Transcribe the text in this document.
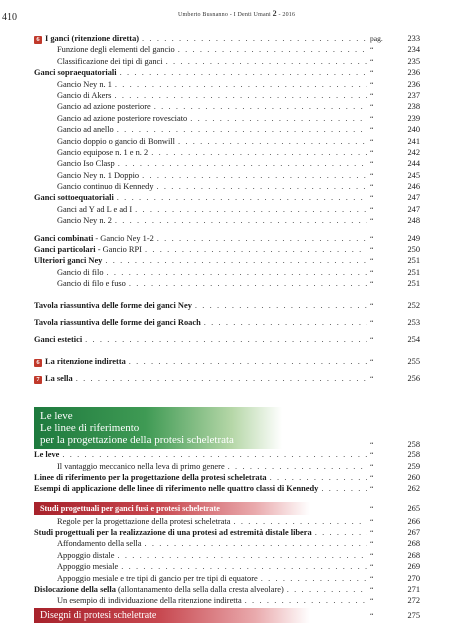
410	Umberto Busnanno - I Denti Umani 2 - 2016
6 I ganci (ritenzione diretta) . . .	pag.	233
Funzione degli elementi del gancio . . .	“	234
Classificazione dei tipi di ganci . . .	“	235
Ganci sopraequatoriali . . .	“	236
Gancio Ney n. 1 . . .	“	236
Gancio di Akers . . .	“	237
Gancio ad azione posteriore . . .	“	238
Gancio ad azione posteriore rovesciato . . .	“	239
Gancio ad anello . . .	“	240
Gancio doppio o gancio di Bonwill . . .	“	241
Gancio equipose n. 1 e n. 2 . . .	“	242
Gancio Iso Clasp . . .	“	244
Gancio Ney n. 1 Doppio . . .	“	245
Gancio continuo di Kennedy . . .	“	246
Ganci sottoequatoriali . . .	“	247
Ganci ad Y ad L e ad I . . .	“	247
Gancio Ney n. 2 . . .	“	248
Ganci combinati - Gancio Ney 1-2 . . .	“	249
Ganci particolari - Gancio RPI . . .	“	250
Ulteriori ganci Ney . . .	“	251
Gancio di filo . . .	“	251
Gancio di filo e fuso . . .	“	251
Tavola riassuntiva delle forme dei ganci Ney . . .	“	252
Tavola riassuntiva delle forme dei ganci Roach . . .	“	253
Ganci estetici . . .	“	254
6 La ritenzione indiretta . . .	“	255
7 La sella . . .	“	256
Le leve
Le linee di riferimento
per la progettazione della protesi scheletrata	“	258
Le leve . . .	“	258
Il vantaggio meccanico nella leva di primo genere . . .	“	259
Linee di riferimento per la progettazione della protesi scheletrata . . .	“	260
Esempi di applicazione delle linee di riferimento nelle quattro classi di Kennedy . . .	“	262
Studi progettuali per ganci fusi e protesi scheletrate	“	265
Regole per la progettazione della protesi scheletrata . . .	“	266
Studi progettuali per la realizzazione di una protesi ad estremità distale libera . . .	“	267
Affondamento della sella . . .	“	268
Appoggio distale . . .	“	268
Appoggio mesiale . . .	“	269
Appoggio mesiale e tre tipi di gancio per tre tipi di equatore . . .	“	270
Dislocazione della sella (allontanamento della sella dalla cresta alveolare) . . .	“	271
Un esempio di individuazione della ritenzione indiretta . . .	“	272
Disegni di protesi scheletrate	“	275
